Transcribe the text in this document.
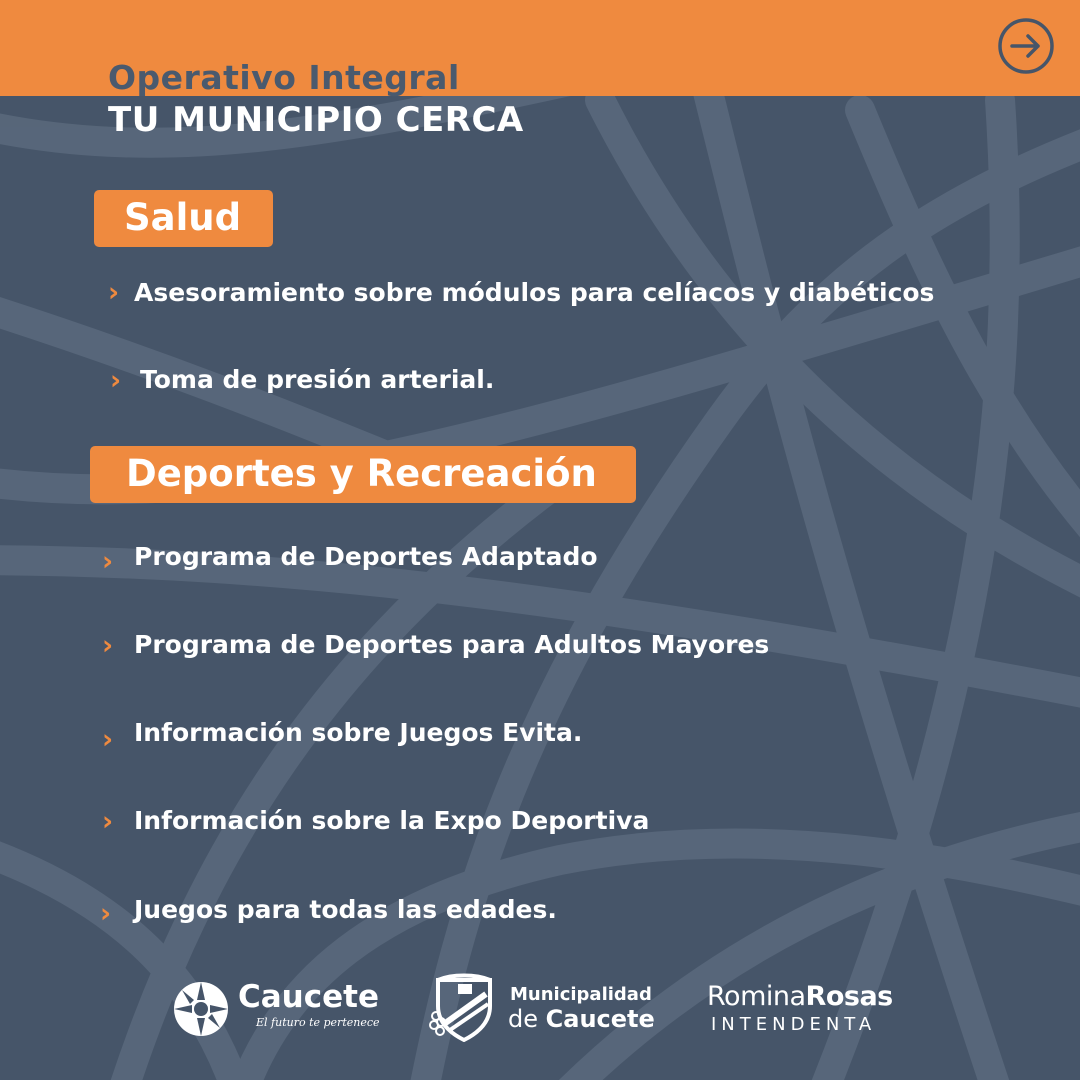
Operativo Integral
TU MUNICIPIO CERCA
Salud
› Asesoramiento sobre módulos para celíacos y diabéticos
› Toma de presión arterial.
Deportes y Recreación
› Programa de Deportes Adaptado
› Programa de Deportes para Adultos Mayores
› Información sobre Juegos Evita.
› Información sobre la Expo Deportiva
› Juegos para todas las edades.
Caucete
El futuro te pertenece
Municipalidad
de Caucete
RominaRosas
INTENDENTA
